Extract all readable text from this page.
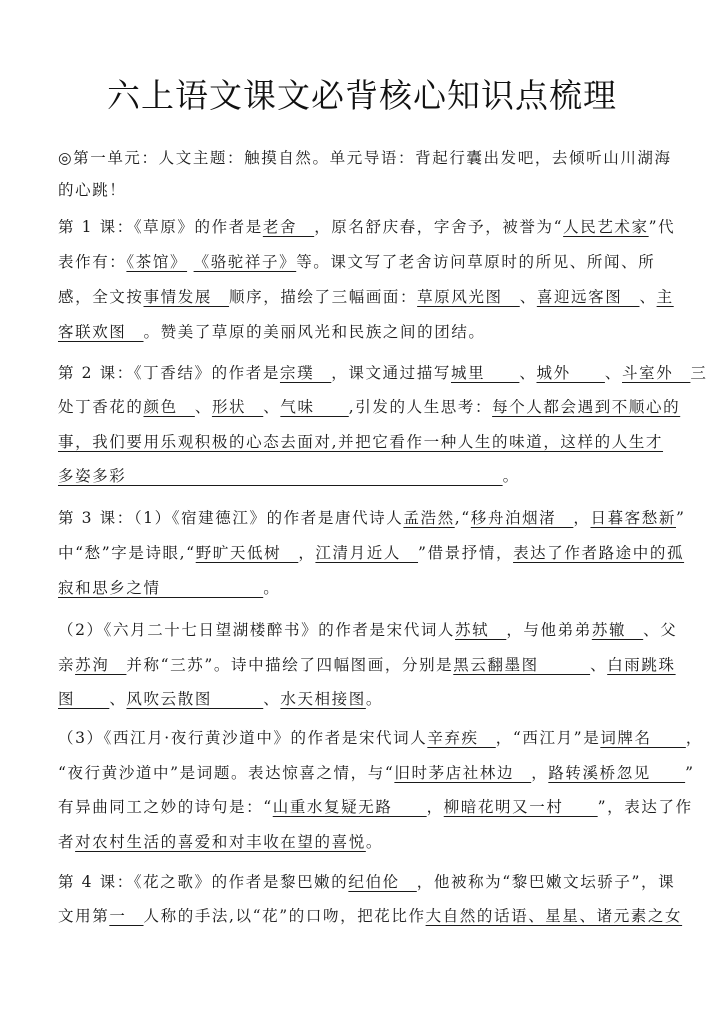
六上语文课文必背核心知识点梳理
◎第一单元：人文主题：触摸自然。单元导语：背起行囊出发吧，去倾听山川湖海
的心跳！
第 1 课：《草原》的作者是老舍　，原名舒庆春，字舍予，被誉为“人民艺术家”代
表作有：《茶馆》 《骆驼祥子》等。课文写了老舍访问草原时的所见、所闻、所
感，全文按事情发展　顺序，描绘了三幅画面：草原风光图　、喜迎远客图　、主
客联欢图　。赞美了草原的美丽风光和民族之间的团结。
第 2 课：《丁香结》的作者是宗璞　，课文通过描写城里　　、城外　　、斗室外　三
处丁香花的颜色　、形状　、气味　　,引发的人生思考：每个人都会遇到不顺心的
事，我们要用乐观积极的心态去面对,并把它看作一种人生的味道，这样的人生才
多姿多彩　　　　　　　　　　　　　　　　　　　　　　。
第 3 课：（1）《宿建德江》的作者是唐代诗人孟浩然,“移舟泊烟渚　，日暮客愁新”
中“愁”字是诗眼,“野旷天低树　，江清月近人　”借景抒情，表达了作者路途中的孤
寂和思乡之情　　　　　　。
（2）《六月二十七日望湖楼醉书》的作者是宋代词人苏轼　，与他弟弟苏辙　、父
亲苏洵　并称“三苏”。诗中描绘了四幅图画，分别是黑云翻墨图　　　、白雨跳珠
图　　、风吹云散图　　　、水天相接图。
（3）《西江月·夜行黄沙道中》的作者是宋代词人辛弃疾　，“西江月”是词牌名　　，
“夜行黄沙道中”是词题。表达惊喜之情，与“旧时茅店社林边　，路转溪桥忽见　　”
有异曲同工之妙的诗句是：“山重水复疑无路　　，柳暗花明又一村　　”，表达了作
者对农村生活的喜爱和对丰收在望的喜悦。
第 4 课：《花之歌》的作者是黎巴嫩的纪伯伦　，他被称为“黎巴嫩文坛骄子”，课
文用第一　人称的手法,以“花”的口吻，把花比作大自然的话语、星星、诸元素之女
